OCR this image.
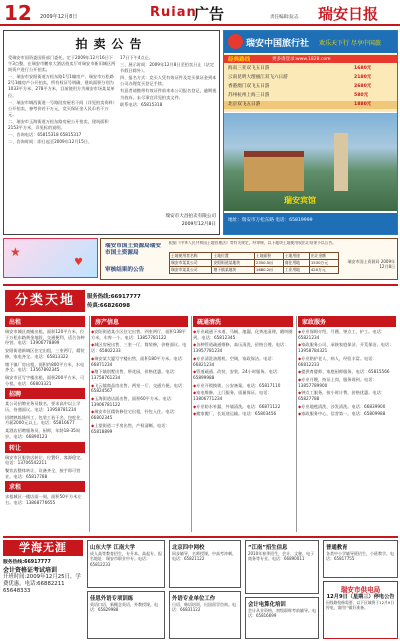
12 2009年12月8日	Ruian
广告	责任编辑:阮志 瑞安日报
拍卖公告

受瑞安市国资委国资部门委托，定于2009年12月16日下午3点整，在瑞安市鹏泉大酒店拍卖厅对瑞安市新旧城区两间资产进行公开拍卖。

一、瑞安市安阳街道万松东路1号1幢房产、瑞安市万松路2号1幢房产公开拍卖，所有权证号明确，建筑面积分别为1033平方米、278平方米，目前使用方为瑞安市场某某单位。

一、瑞安市城西街道一号路段房屋若干间（详见拍卖资料）公开拍卖，参考价若干万元，竞买保证金人民币若干万元。

二、瑞安市玉海街道万松东路房屋公开拍卖，建筑面积2153平方米，详见标的说明。

一、咨询电话：65815318 65815317

二、咨询时间：即日起至2009年12月15日。

17日下午4点止。

三、展示时间：2009年12月8日至拍卖日止（法定节假日除外）。

四、报名方式：竞买人凭有效证件及竞买保证金到本公司办理竞买登记手续。

有意者请携带有效证件前来本公司报名登记，逾期视为放弃。未尽事宜详见拍卖文件。

联系电话：65815318

瑞安市大昌拍卖有限公司
2009年12月8日
瑞安中国旅行社 欢乐天下行 尽享中国旅
经典路线	更多请登录:www.1828.com
海南三亚双飞五日游	1680元
云南昆明大理丽江双飞六日游	2180元
香港澳门双飞五日游	2680元
苏州杭州上海三日游	580元
北京双飞五日游	1880元
瑞安宾馆
地址：瑞安市万松东路 电话：65819999
★
♥
瑞安市国土资源局瑞安市国土资源局
审核结果的公告
根据《中华人民共和国土地管理法》等有关规定，经审核，以下地块土地使用权出让结果予以公告。
土地使用者名称	土地位置	土地面积	土地用途	出让金额
瑞安市某某公司	安阳街道某地块	2350.5㎡	商住用地	1530万元
瑞安市某某公司	塘下镇某地块	1680.2㎡	工业用地	420万元
瑞安市国土资源局 2009年12月8日
分类天地	服务热线:66917777
传真:66826098
出租
瑞安市城区商铺出租，面积120平方米，位于万松东路黄金地段，交通便利，适合各种经营。电话：13906778899
安阳街道新城区住宅出租，三室两厅，精装修，家电齐全。电话：65813322
塘下镇厂房出租，面积约800平方米，水电齐全。电话：13567892345
瑞安市区写字楼出租，面积200平方米，可分租。电话：66803321
招聘
某公司招聘业务员数名，要求高中以上学历，待遇面议。电话：13958781234
招聘熟练缝纫工、包装工若干名，包吃住，月薪2000元以上。电话：65816677
某酒店招聘服务员、厨师，年龄18-35周岁。电话：66890123
转让
瑞安市区服装店转让，位置好，客源稳定。电话：13706542211
餐饮店整体转让，设备齐全，接手即可营业。电话：65817788
求租
求租城区一楼店面一间，面积50平方米左右。电话：13868776655
房产信息
◆安阳街道某小区住宅出售，四室两厅，面积138平方米，车库一个。电话：13857781122
◆城区房屋出售，三室一厅，简装修，价格面议。电话：65802233
◆瑞安某大厦写字楼出售，面积180平方米。电话：66871234
◆塘下镇别墅出售，带花园，价格优惠。电话：13758761234
◆飞云镇商品房出售，两室一厅，交通方便。电话：65824567
◆玉海街道店面出售，面积60平方米。电话：13906781122
◆瑞安市区精装修住宅出租，拎包入住。电话：66802345
◆上望街道二手房出售，产权清晰。电话：65818899
疏通清洗
◆专业疏通下水道、马桶、地漏，化粪池清理，随叫随到。电话：65812345
◆各种管道疏通维修，高压清洗，价格合理。电话：13957781234
◆专业清洗油烟机、空调，家政保洁。电话：66821234
◆管道疏通、改装、安装，24小时服务。电话：65899988
◆专业开锁换锁，公安备案。电话：65817110
◆家电维修，上门服务，质量保证。电话：13806771234
◆专业防水补漏，外墙清洗。电话：66871122
◆搬家搬厂，长短途运输。电话：65803456
家政服务
◆专业保姆介绍，月嫂、钟点工、护工。电话：65821234
◆家政服务公司，承接家庭保洁、开荒保洁。电话：13958784321
◆专业陪护老人、病人，经验丰富。电话：66812233
◆提供育婴师、家庭厨师服务。电话：65815566
◆专业月嫂，持证上岗，服务周到。电话：13857789900
◆钟点工服务，按小时计费，价格优惠。电话：65827788
◆专业地毯清洗、沙发清洗。电话：66839900
◆家政服务中心，信誉第一。电话：65809988
学海无涯
服务热线:66917777
会计资格证考试培训
开班时间:2009年12月25日，学费优惠。电话:66882211 65648333
山东大学 江南大学
成人高等教育招生，专升本、高起专。报名地址：瑞安市职业中专。电话：65812233
北京四中网校
同步辅导，名师授课，中高考冲刺。电话：65821122
“江南”招生信息
2010年春季招生，会计、文秘、电子商务等专业。电话：66890011
普通教育
各类中小学辅导班招生，小班教学。电话：65817755
佳思外语专项训练
英语口语、新概念英语，外教授课。电话：65829988
外语专业单位工作
日语、韩语培训，出国留学咨询。电话：66831122
会计电算化培训
会计从业资格、初级职称考前辅导。电话：65816699
瑞安市供电局
12月9日（星期三）停电公告
因线路检修需要，以下区域将于12月9日停电，请用户做好准备。
